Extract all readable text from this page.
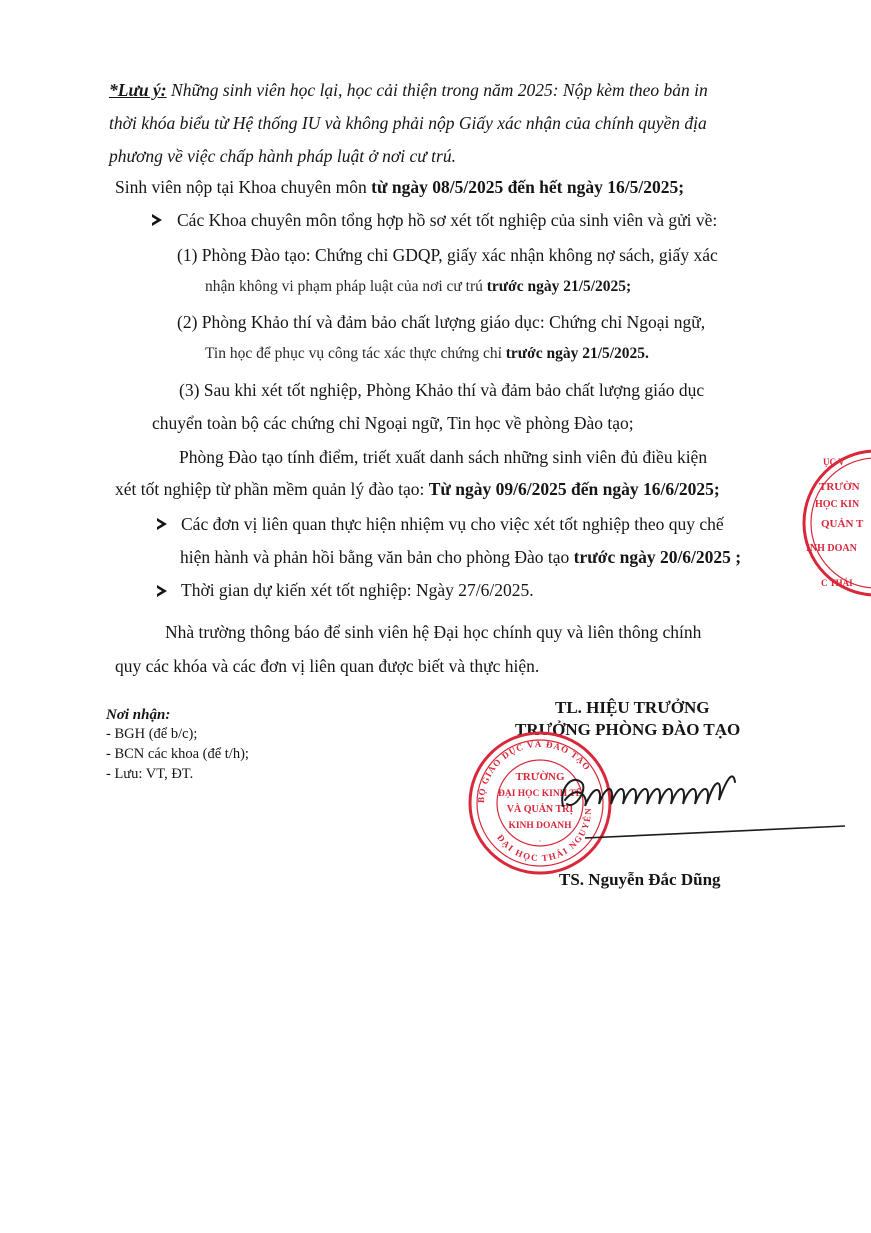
*Lưu ý: Những sinh viên học lại, học cải thiện trong năm 2025: Nộp kèm theo bản in
thời khóa biểu từ Hệ thống IU và không phải nộp Giấy xác nhận của chính quyền địa
phương về việc chấp hành pháp luật ở nơi cư trú.
Sinh viên nộp tại Khoa chuyên môn từ ngày 08/5/2025 đến hết ngày 16/5/2025;
Các Khoa chuyên môn tổng hợp hồ sơ xét tốt nghiệp của sinh viên và gửi về:
(1) Phòng Đào tạo: Chứng chỉ GDQP, giấy xác nhận không nợ sách, giấy xác
nhận không vi phạm pháp luật của nơi cư trú trước ngày 21/5/2025;
(2) Phòng Khảo thí và đảm bảo chất lượng giáo dục: Chứng chỉ Ngoại ngữ,
Tin học để phục vụ công tác xác thực chứng chỉ trước ngày 21/5/2025.
(3) Sau khi xét tốt nghiệp, Phòng Khảo thí và đảm bảo chất lượng giáo dục
chuyển toàn bộ các chứng chỉ Ngoại ngữ, Tin học về phòng Đào tạo;
Phòng Đào tạo tính điểm, triết xuất danh sách những sinh viên đủ điều kiện
xét tốt nghiệp từ phần mềm quản lý đào tạo: Từ ngày 09/6/2025 đến ngày 16/6/2025;
Các đơn vị liên quan thực hiện nhiệm vụ cho việc xét tốt nghiệp theo quy chế
hiện hành và phản hồi bằng văn bản cho phòng Đào tạo trước ngày 20/6/2025 ;
Thời gian dự kiến xét tốt nghiệp: Ngày 27/6/2025.
Nhà trường thông báo để sinh viên hệ Đại học chính quy và liên thông chính
quy các khóa và các đơn vị liên quan được biết và thực hiện.
Nơi nhận:
- BGH (để b/c);
- BCN các khoa (để t/h);
- Lưu: VT, ĐT.
TL. HIỆU TRƯỞNG
TRƯỞNG PHÒNG ĐÀO TẠO
BỘ GIÁO DỤC VÀ ĐÀO TẠO
ĐẠI HỌC THÁI NGUYÊN
TRƯỜNG
ĐẠI HỌC KINH TẾ
VÀ QUẢN TRỊ
KINH DOANH
·
TS. Nguyễn Đắc Dũng
ỤC V
TRƯỜN
HỌC KIN
QUẢN T
INH DOAN
C THÁI
